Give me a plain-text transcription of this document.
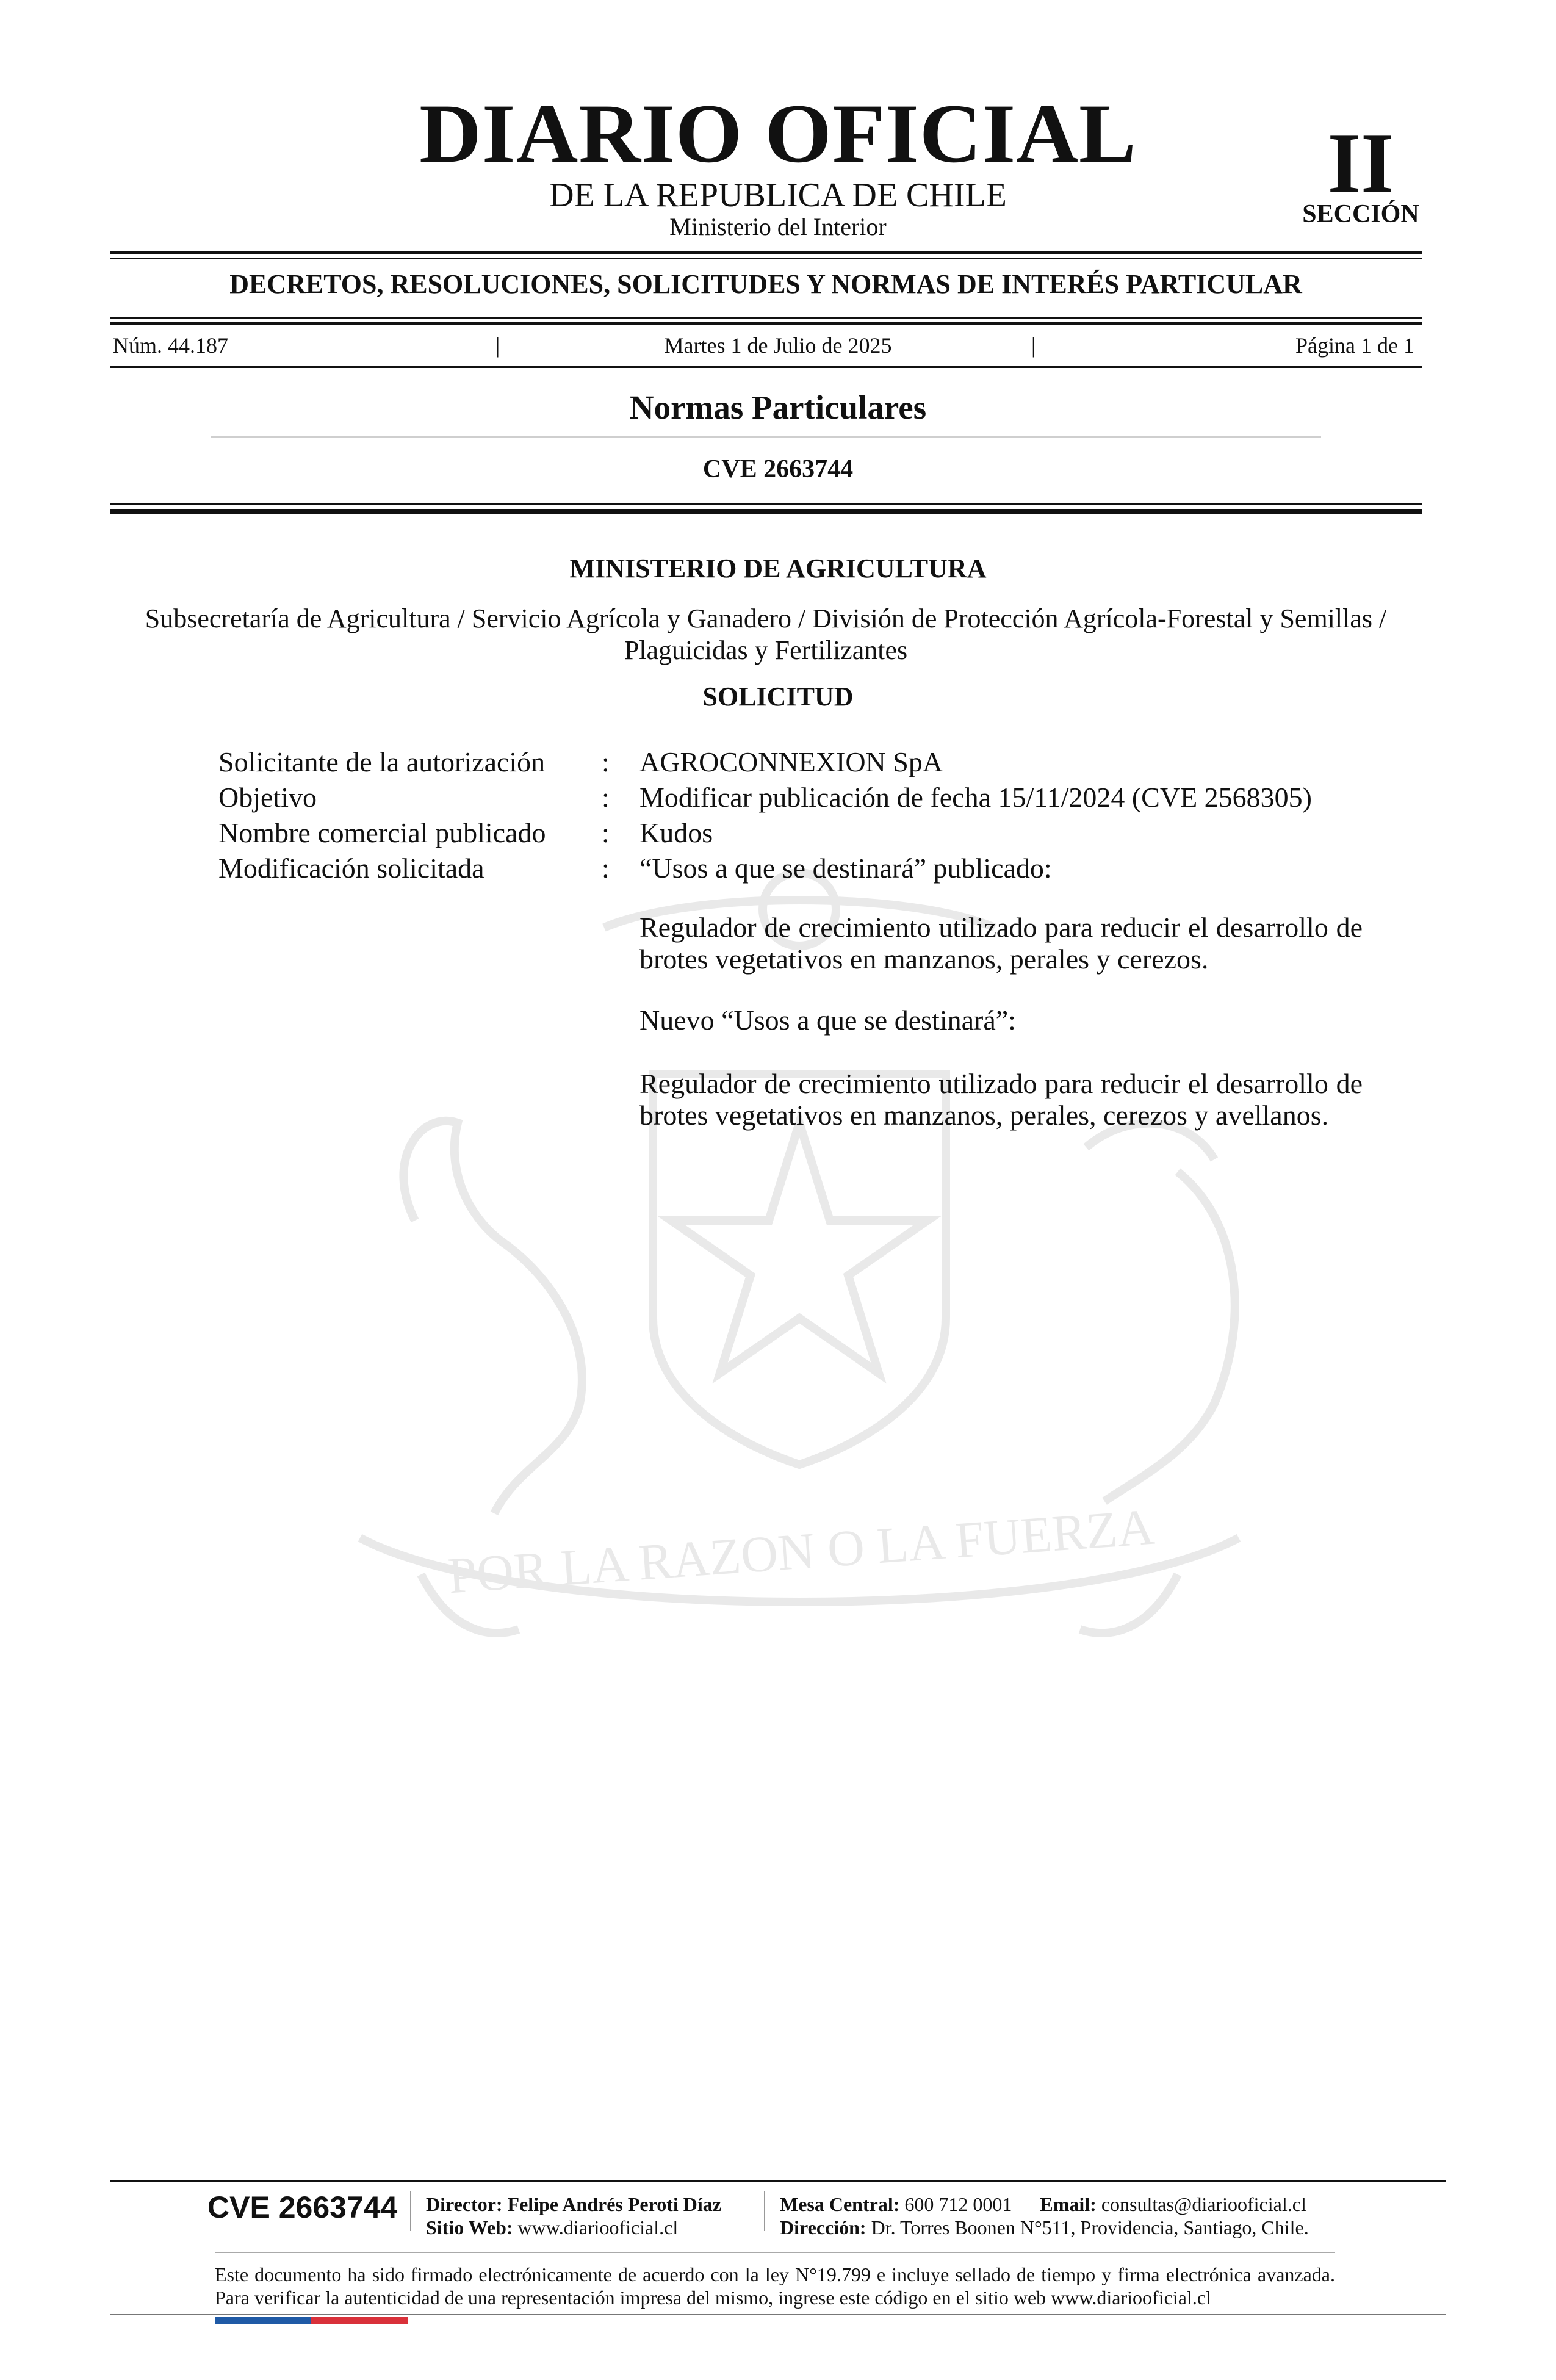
POR LA RAZON O LA FUERZA
DIARIO OFICIAL
DE LA REPUBLICA DE CHILE
Ministerio del Interior
II
SECCIÓN
DECRETOS, RESOLUCIONES, SOLICITUDES Y NORMAS DE INTERÉS PARTICULAR
Núm. 44.187	|	Martes 1 de Julio de 2025	|	Página 1 de 1
Normas Particulares
CVE 2663744
MINISTERIO DE AGRICULTURA
Subsecretaría de Agricultura / Servicio Agrícola y Ganadero / División de Protección Agrícola-Forestal y Semillas / Plaguicidas y Fertilizantes
SOLICITUD
Solicitante de la autorización : AGROCONNEXION SpA
Objetivo	: Modificar publicación de fecha 15/11/2024 (CVE 2568305)
Nombre comercial publicado : Kudos
Modificación solicitada	: “Usos a que se destinará” publicado:
Regulador de crecimiento utilizado para reducir el desarrollo de brotes vegetativos en manzanos, perales y cerezos.
Nuevo “Usos a que se destinará”:
Regulador de crecimiento utilizado para reducir el desarrollo de brotes vegetativos en manzanos, perales, cerezos y avellanos.
CVE 2663744 Director: Felipe Andrés Peroti Díaz
Sitio Web: www.diariooficial.cl
Mesa Central: 600 712 0001 Email: consultas@diariooficial.cl
Dirección: Dr. Torres Boonen N°511, Providencia, Santiago, Chile.
Este documento ha sido firmado electrónicamente de acuerdo con la ley N°19.799 e incluye sellado de tiempo y firma electrónica avanzada. Para verificar la autenticidad de una representación impresa del mismo, ingrese este código en el sitio web www.diariooficial.cl
